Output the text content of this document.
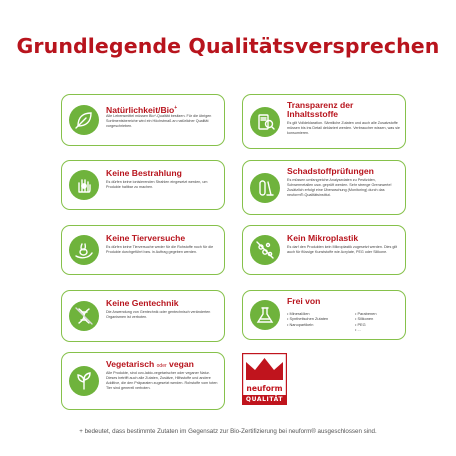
Grundlegende Qualitätsversprechen
Natürlichkeit/Bio+
Alle Lebensmittel müssen Bio*-Qualität besitzen. Für die übrigen Sortimentsbereiche wird ein Höchstmaß an natürlicher Qualität vorgeschrieben.
Transparenz der Inhaltsstoffe
Es gilt Volldeklaration. Sämtliche Zutaten und auch alle Zusatzstoffe müssen bis ins Detail deklariert werden. Verbraucher wissen, was sie konsumieren.
Keine Bestrahlung
Es dürfen keine ionisierenden Strahlen eingesetzt werden, um Produkte haltbar zu machen.
Schadstoffprüfungen
Es müssen umfangreiche Analysedaten zu Pestiziden, Schwermetallen usw. geprüft werden. Sehr strenge Grenzwerte! Zusätzlich erfolgt eine Überwachung (Monitoring) durch das neuform®-Qualitätsinstitut.
Keine Tierversuche
Es dürfen keine Tierversuche weder für die Rohstoffe noch für die Produkte durchgeführt bzw. in Auftrag gegeben werden.
Kein Mikroplastik
Es darf den Produkten kein Mikroplastik zugesetzt werden. Dies gilt auch für flüssige Kunststoffe wie Acrylate, PEG oder Silikone.
Keine Gentechnik
Die Anwendung von Gentechnik oder gentechnisch veränderten Organismen ist verboten.
Frei von
• Mineralölen
• Synthetischen Zutaten
• Nanopartikeln
• Parabenen
• Silikonen
• PEG
• ...
Vegetarisch oder vegan
Alle Produkte, sind ovo-lakto-vegetarischer oder veganer Natur. Dieses betrifft auch alle Zutaten, Zusätze, Hilfsstoffe und andere Additive, die den Präparaten zugesetzt werden. Rohstoffe vom toten Tier sind generell verboten.	neuform
QUALITÄT
+ bedeutet, dass bestimmte Zutaten im Gegensatz zur Bio-Zertifizierung bei neuform® ausgeschlossen sind.
